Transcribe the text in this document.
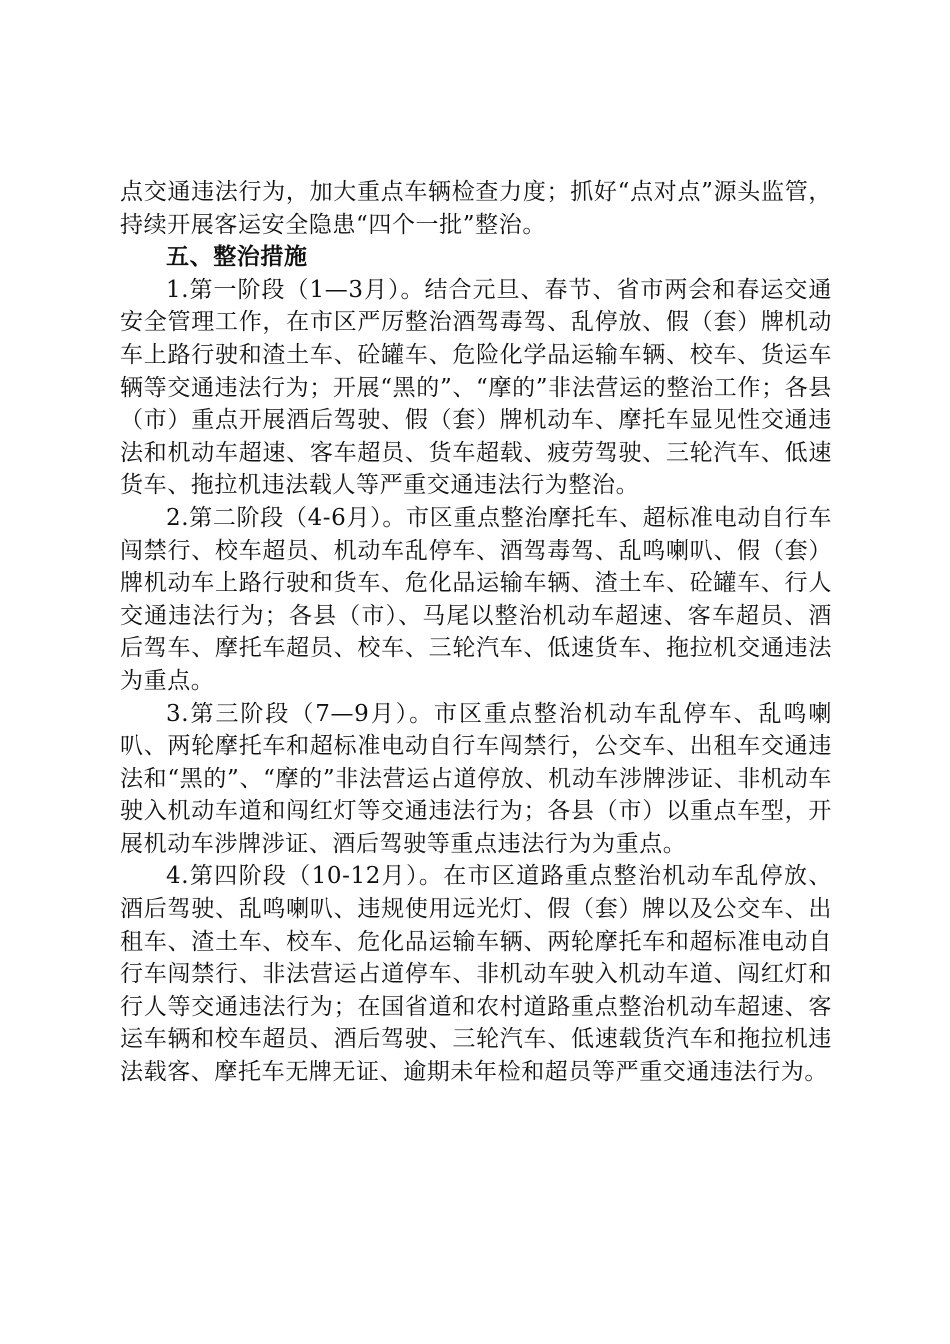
点交通违法行为，加大重点车辆检查力度；抓好“点对点”源头监管，持续开展客运安全隐患“四个一批”整治。

五、整治措施

1.第一阶段（1—3月）。结合元旦、春节、省市两会和春运交通安全管理工作，在市区严厉整治酒驾毒驾、乱停放、假（套）牌机动车上路行驶和渣土车、砼罐车、危险化学品运输车辆、校车、货运车辆等交通违法行为；开展“黑的”、“摩的”非法营运的整治工作；各县（市）重点开展酒后驾驶、假（套）牌机动车、摩托车显见性交通违法和机动车超速、客车超员、货车超载、疲劳驾驶、三轮汽车、低速货车、拖拉机违法载人等严重交通违法行为整治。

2.第二阶段（4-6月）。市区重点整治摩托车、超标准电动自行车闯禁行、校车超员、机动车乱停车、酒驾毒驾、乱鸣喇叭、假（套）牌机动车上路行驶和货车、危化品运输车辆、渣土车、砼罐车、行人交通违法行为；各县（市）、马尾以整治机动车超速、客车超员、酒后驾车、摩托车超员、校车、三轮汽车、低速货车、拖拉机交通违法为重点。

3.第三阶段（7—9月）。市区重点整治机动车乱停车、乱鸣喇叭、两轮摩托车和超标准电动自行车闯禁行，公交车、出租车交通违法和“黑的”、“摩的”非法营运占道停放、机动车涉牌涉证、非机动车驶入机动车道和闯红灯等交通违法行为；各县（市）以重点车型，开展机动车涉牌涉证、酒后驾驶等重点违法行为为重点。

4.第四阶段（10-12月）。在市区道路重点整治机动车乱停放、酒后驾驶、乱鸣喇叭、违规使用远光灯、假（套）牌以及公交车、出租车、渣土车、校车、危化品运输车辆、两轮摩托车和超标准电动自行车闯禁行、非法营运占道停车、非机动车驶入机动车道、闯红灯和行人等交通违法行为；在国省道和农村道路重点整治机动车超速、客运车辆和校车超员、酒后驾驶、三轮汽车、低速载货汽车和拖拉机违法载客、摩托车无牌无证、逾期未年检和超员等严重交通违法行为。
